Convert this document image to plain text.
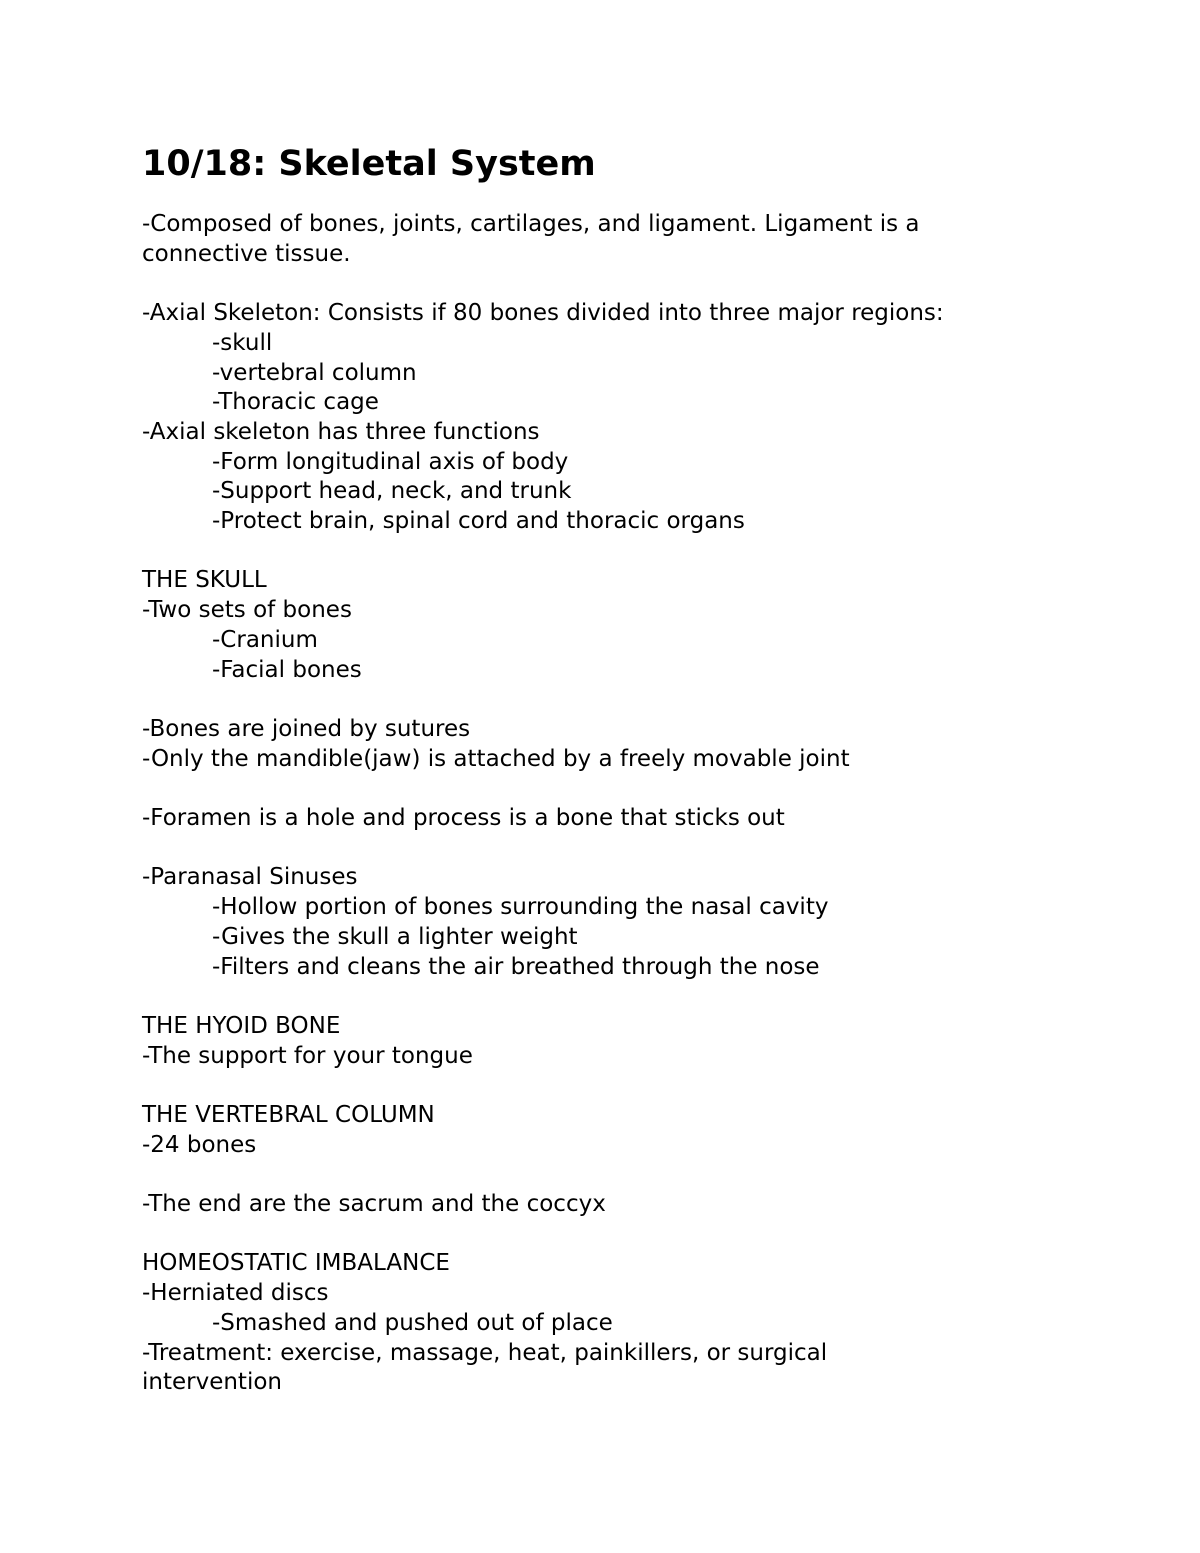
10/18: Skeletal System
-Composed of bones, joints, cartilages, and ligament. Ligament is a
connective tissue.
-Axial Skeleton: Consists if 80 bones divided into three major regions:
-skull
-vertebral column
-Thoracic cage
-Axial skeleton has three functions
-Form longitudinal axis of body
-Support head, neck, and trunk
-Protect brain, spinal cord and thoracic organs
THE SKULL
-Two sets of bones
-Cranium
-Facial bones
-Bones are joined by sutures
-Only the mandible(jaw) is attached by a freely movable joint
-Foramen is a hole and process is a bone that sticks out
-Paranasal Sinuses
-Hollow portion of bones surrounding the nasal cavity
-Gives the skull a lighter weight
-Filters and cleans the air breathed through the nose
THE HYOID BONE
-The support for your tongue
THE VERTEBRAL COLUMN
-24 bones
-The end are the sacrum and the coccyx
HOMEOSTATIC IMBALANCE
-Herniated discs
-Smashed and pushed out of place
-Treatment: exercise, massage, heat, painkillers, or surgical
intervention
